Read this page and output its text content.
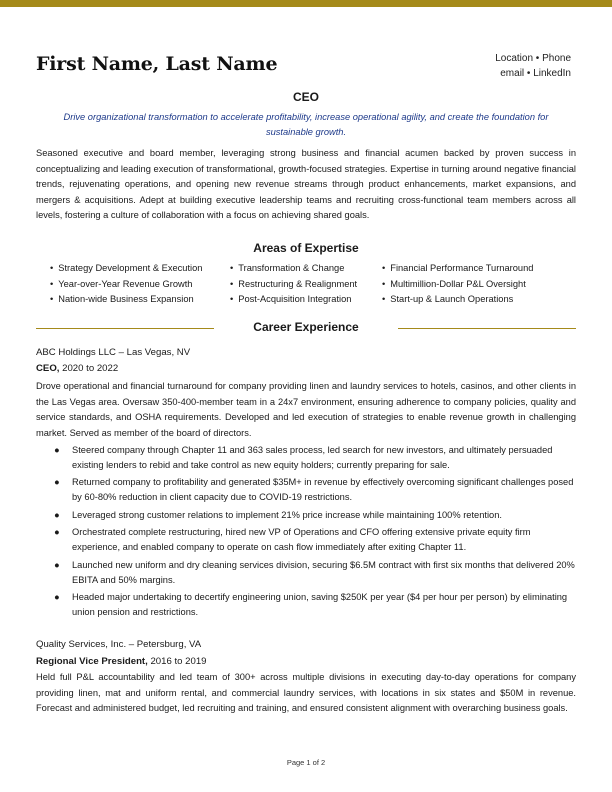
First Name, Last Name	Location • Phone
email • LinkedIn
CEO
Drive organizational transformation to accelerate profitability, increase operational agility, and create the foundation for sustainable growth.
Seasoned executive and board member, leveraging strong business and financial acumen backed by proven success in conceptualizing and leading execution of transformational, growth-focused strategies. Expertise in turning around negative financial trends, rejuvenating operations, and opening new revenue streams through product enhancements, market expansions, and mergers & acquisitions. Adept at building executive leadership teams and recruiting cross-functional team members across all levels, fostering a culture of collaboration with a focus on achieving shared goals.
Areas of Expertise
• Strategy Development & Execution	• Transformation & Change	• Financial Performance Turnaround
• Year-over-Year Revenue Growth	• Restructuring & Realignment	• Multimillion-Dollar P&L Oversight
• Nation-wide Business Expansion	• Post-Acquisition Integration	• Start-up & Launch Operations
Career Experience
ABC Holdings LLC – Las Vegas, NV
CEO, 2020 to 2022
Drove operational and financial turnaround for company providing linen and laundry services to hotels, casinos, and other clients in the Las Vegas area. Oversaw 350-400-member team in a 24x7 environment, ensuring adherence to company policies, quality and service standards, and OSHA requirements. Developed and led execution of strategies to enable revenue growth in challenging market. Served as member of the board of directors.
● Steered company through Chapter 11 and 363 sales process, led search for new investors, and ultimately persuaded existing lenders to rebid and take control as new equity holders; currently preparing for sale.
● Returned company to profitability and generated $35M+ in revenue by effectively overcoming significant challenges posed by 60-80% reduction in client capacity due to COVID-19 restrictions.
● Leveraged strong customer relations to implement 21% price increase while maintaining 100% retention.
● Orchestrated complete restructuring, hired new VP of Operations and CFO offering extensive private equity firm experience, and enabled company to operate on cash flow immediately after exiting Chapter 11.
● Launched new uniform and dry cleaning services division, securing $6.5M contract with first six months that delivered 20% EBITA and 50% margins.
● Headed major undertaking to decertify engineering union, saving $250K per year ($4 per hour per person) by eliminating union pension and restrictions.
Quality Services, Inc. – Petersburg, VA
Regional Vice President, 2016 to 2019
Held full P&L accountability and led team of 300+ across multiple divisions in executing day-to-day operations for company providing linen, mat and uniform rental, and commercial laundry services, with locations in six states and $50M in revenue. Forecast and administered budget, led recruiting and training, and ensured consistent alignment with overarching business goals.
Page 1 of 2
